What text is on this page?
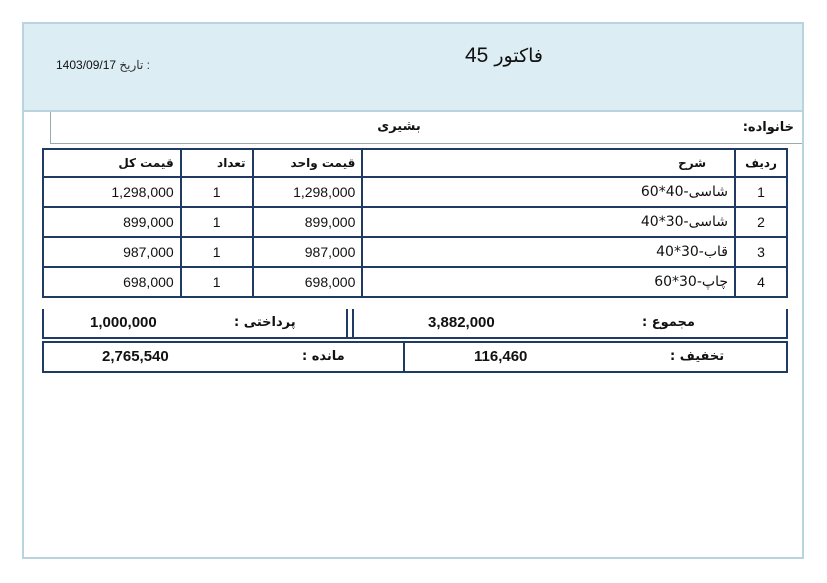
فاکتور 45
1403/09/17 تاریخ :
بشیری	خانواده:
قیمت کل	تعداد	قیمت واحد	شرح	ردیف
1,298,000	1	1,298,000	شاسی-40*60	1
899,000	1	899,000	شاسی-30*40	2
987,000	1	987,000	قاب-30*40	3
698,000	1	698,000	چاپ-30*60	4
1,000,000	پرداختی :	3,882,000	مجموع :
2,765,540	مانده :	116,460	تخفیف :
